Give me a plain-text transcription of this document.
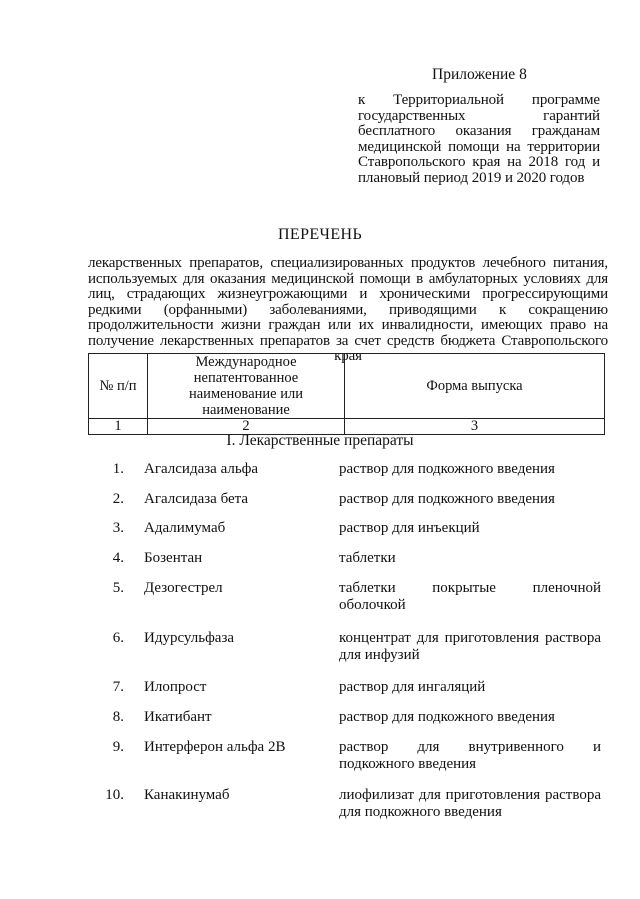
Приложение 8
к Территориальной программе государственных гарантий бесплатного оказания гражданам медицинской помощи на территории Ставропольского края на 2018 год и плановый период 2019 и 2020 годов
ПЕРЕЧЕНЬ
лекарственных препаратов, специализированных продуктов лечебного питания, используемых для оказания медицинской помощи в амбулаторных условиях для лиц, страдающих жизнеугрожающими и хроническими прогрессирующими редкими (орфанными) заболеваниями, приводящими к сокращению продолжительности жизни граждан или их инвалидности, имеющих право на получение лекарственных препаратов за счет средств бюджета Ставропольского края
№ п/п	Международное непатентованное наименование или наименование	Форма выпуска
1	2	3
I. Лекарственные препараты
1. Агалсидаза альфа	раствор для подкожного введения
2. Агалсидаза бета	раствор для подкожного введения
3. Адалимумаб	раствор для инъекций
4. Бозентан	таблетки
5. Дезогестрел	таблетки покрытые пленочной оболочкой
6. Идурсульфаза	концентрат для приготовления раствора для инфузий
7. Илопрост	раствор для ингаляций
8. Икатибант	раствор для подкожного введения
9. Интерферон альфа 2B	раствор для внутривенного и подкожного введения
10. Канакинумаб	лиофилизат для приготовления раствора для подкожного введения
